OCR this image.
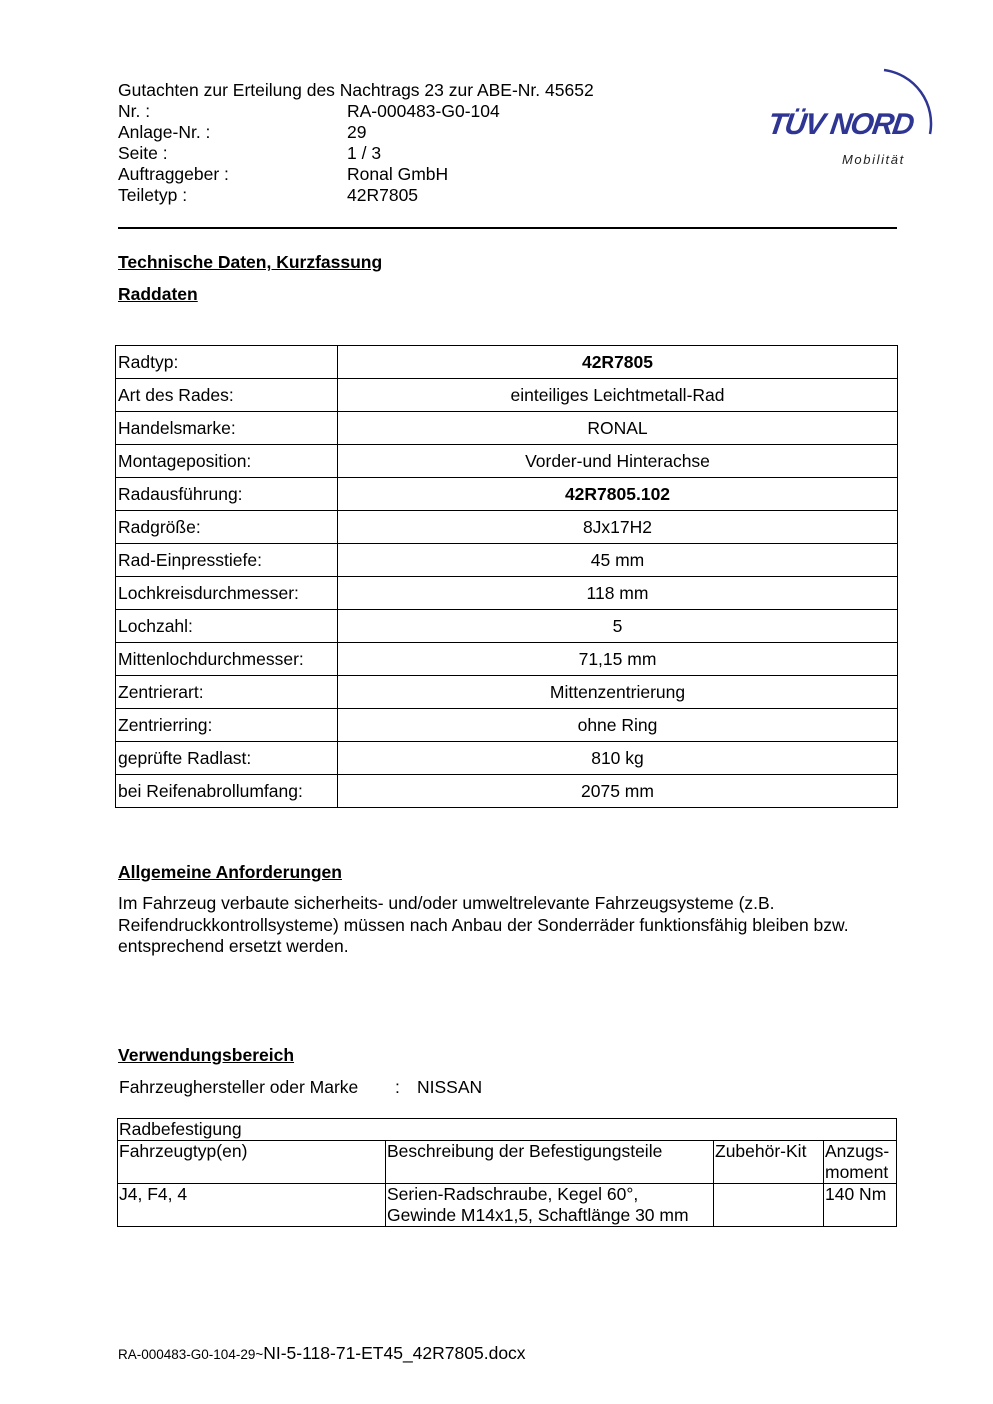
Gutachten zur Erteilung des Nachtrags 23 zur ABE-Nr. 45652
Nr. :	RA-000483-G0-104
Anlage-Nr. :	29
Seite :	1 / 3
Auftraggeber :	Ronal GmbH
Teiletyp :	42R7805
TÜV NORD
Mobilität
Technische Daten, Kurzfassung
Raddaten
Radtyp:	42R7805
Art des Rades:	einteiliges Leichtmetall-Rad
Handelsmarke:	RONAL
Montageposition:	Vorder-und Hinterachse
Radausführung:	42R7805.102
Radgröße:	8Jx17H2
Rad-Einpresstiefe:	45 mm
Lochkreisdurchmesser:	118 mm
Lochzahl:	5
Mittenlochdurchmesser:	71,15 mm
Zentrierart:	Mittenzentrierung
Zentrierring:	ohne Ring
geprüfte Radlast:	810 kg
bei Reifenabrollumfang:	2075 mm
Allgemeine Anforderungen
Im Fahrzeug verbaute sicherheits- und/oder umweltrelevante Fahrzeugsysteme (z.B. Reifendruckkontrollsysteme) müssen nach Anbau der Sonderräder funktionsfähig bleiben bzw. entsprechend ersetzt werden.
Verwendungsbereich
Fahrzeughersteller oder Marke	: NISSAN
Radbefestigung			
Fahrzeugtyp(en)	Beschreibung der Befestigungsteile	Zubehör-Kit	Anzugs-
moment
J4, F4, 4	Serien-Radschraube, Kegel 60°,
Gewinde M14x1,5, Schaftlänge 30 mm		140 Nm
RA-000483-G0-104-29~NI-5-118-71-ET45_42R7805.docx
